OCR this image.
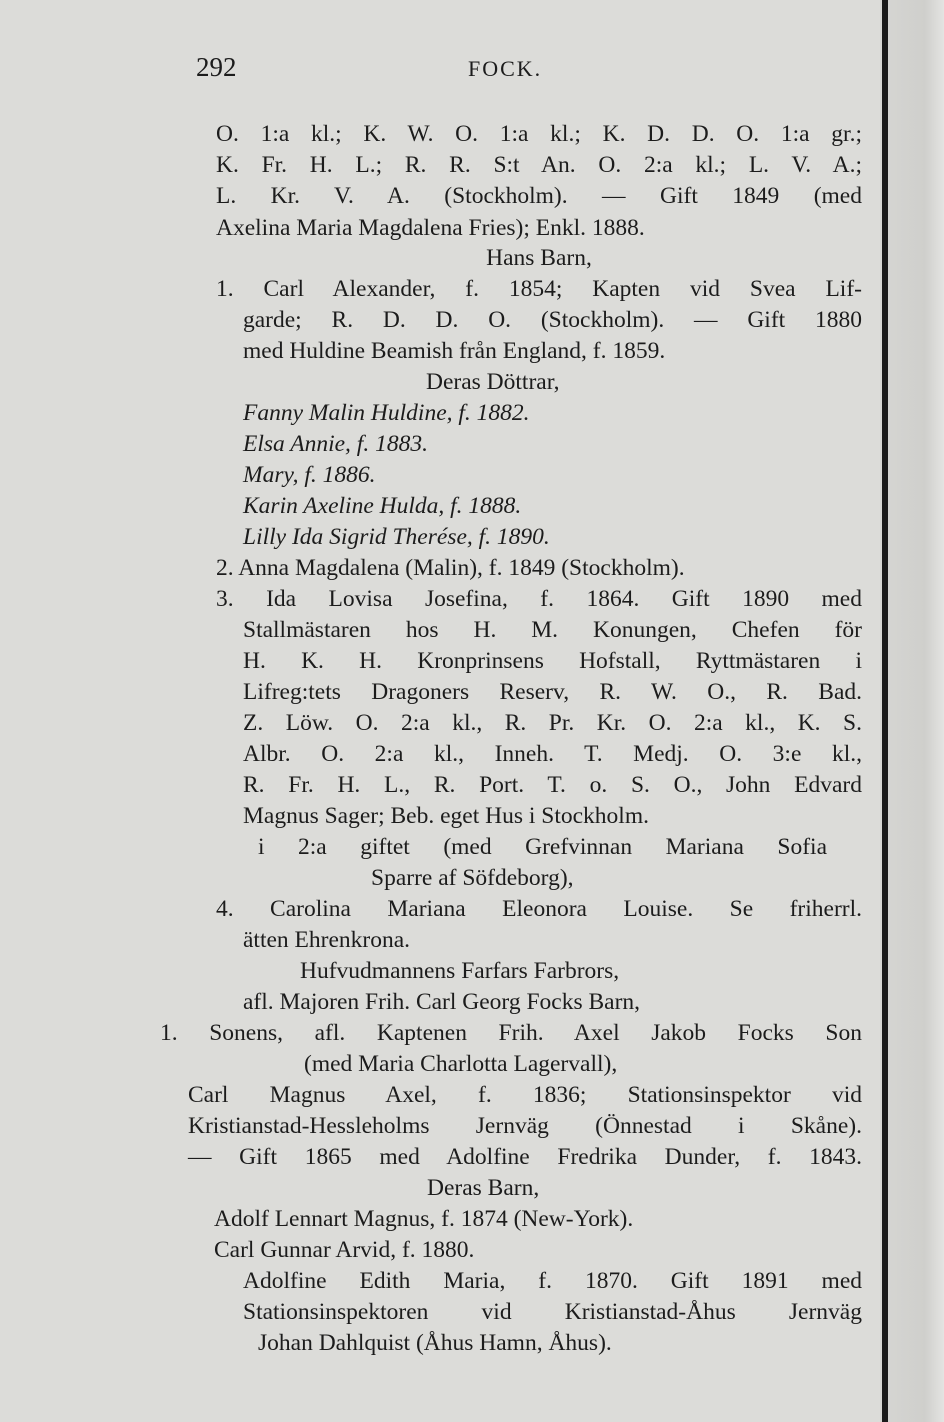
292	FOCK.
O. 1:a kl.; K. W. O. 1:a kl.; K. D. D. O. 1:a gr.;
K. Fr. H. L.; R. R. S:t An. O. 2:a kl.; L. V. A.;
L. Kr. V. A. (Stockholm). — Gift 1849 (med
Axelina Maria Magdalena Fries); Enkl. 1888.
Hans Barn,
1. Carl Alexander, f. 1854; Kapten vid Svea Lif-
garde; R. D. D. O. (Stockholm). — Gift 1880
med Huldine Beamish från England, f. 1859.
Deras Döttrar,
Fanny Malin Huldine, f. 1882.
Elsa Annie, f. 1883.
Mary, f. 1886.
Karin Axeline Hulda, f. 1888.
Lilly Ida Sigrid Therése, f. 1890.
2. Anna Magdalena (Malin), f. 1849 (Stockholm).
3. Ida Lovisa Josefina, f. 1864. Gift 1890 med
Stallmästaren hos H. M. Konungen, Chefen för
H. K. H. Kronprinsens Hofstall, Ryttmästaren i
Lifreg:tets Dragoners Reserv, R. W. O., R. Bad.
Z. Löw. O. 2:a kl., R. Pr. Kr. O. 2:a kl., K. S.
Albr. O. 2:a kl., Inneh. T. Medj. O. 3:e kl.,
R. Fr. H. L., R. Port. T. o. S. O., John Edvard
Magnus Sager; Beb. eget Hus i Stockholm.
i 2:a giftet (med Grefvinnan Mariana Sofia
Sparre af Söfdeborg),
4. Carolina Mariana Eleonora Louise. Se friherrl.
ätten Ehrenkrona.
Hufvudmannens Farfars Farbrors,
afl. Majoren Frih. Carl Georg Focks Barn,
1. Sonens, afl. Kaptenen Frih. Axel Jakob Focks Son
(med Maria Charlotta Lagervall),
Carl Magnus Axel, f. 1836; Stationsinspektor vid
Kristianstad-Hessleholms Jernväg (Önnestad i Skåne).
— Gift 1865 med Adolfine Fredrika Dunder, f. 1843.
Deras Barn,
Adolf Lennart Magnus, f. 1874 (New-York).
Carl Gunnar Arvid, f. 1880.
Adolfine Edith Maria, f. 1870. Gift 1891 med
Stationsinspektoren vid Kristianstad-Åhus Jernväg
Johan Dahlquist (Åhus Hamn, Åhus).
